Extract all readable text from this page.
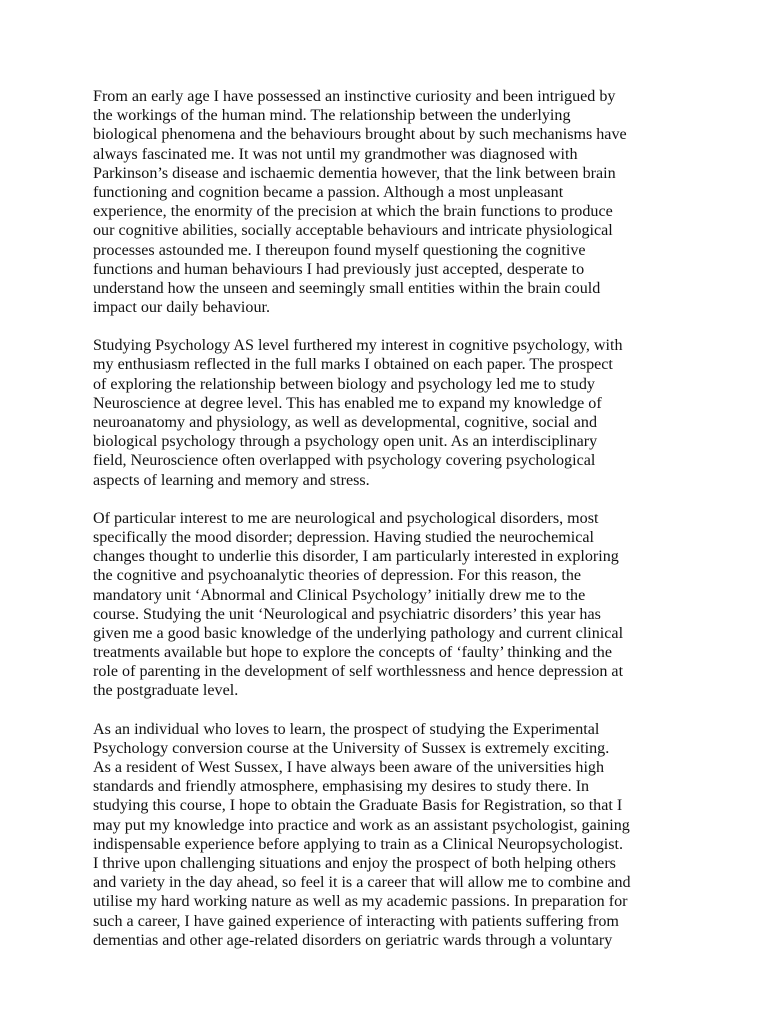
From an early age I have possessed an instinctive curiosity and been intrigued by
the workings of the human mind. The relationship between the underlying
biological phenomena and the behaviours brought about by such mechanisms have
always fascinated me. It was not until my grandmother was diagnosed with
Parkinson’s disease and ischaemic dementia however, that the link between brain
functioning and cognition became a passion. Although a most unpleasant
experience, the enormity of the precision at which the brain functions to produce
our cognitive abilities, socially acceptable behaviours and intricate physiological
processes astounded me. I thereupon found myself questioning the cognitive
functions and human behaviours I had previously just accepted, desperate to
understand how the unseen and seemingly small entities within the brain could
impact our daily behaviour.
Studying Psychology AS level furthered my interest in cognitive psychology, with
my enthusiasm reflected in the full marks I obtained on each paper. The prospect
of exploring the relationship between biology and psychology led me to study
Neuroscience at degree level. This has enabled me to expand my knowledge of
neuroanatomy and physiology, as well as developmental, cognitive, social and
biological psychology through a psychology open unit. As an interdisciplinary
field, Neuroscience often overlapped with psychology covering psychological
aspects of learning and memory and stress.
Of particular interest to me are neurological and psychological disorders, most
specifically the mood disorder; depression. Having studied the neurochemical
changes thought to underlie this disorder, I am particularly interested in exploring
the cognitive and psychoanalytic theories of depression. For this reason, the
mandatory unit ‘Abnormal and Clinical Psychology’ initially drew me to the
course. Studying the unit ‘Neurological and psychiatric disorders’ this year has
given me a good basic knowledge of the underlying pathology and current clinical
treatments available but hope to explore the concepts of ‘faulty’ thinking and the
role of parenting in the development of self worthlessness and hence depression at
the postgraduate level.
As an individual who loves to learn, the prospect of studying the Experimental
Psychology conversion course at the University of Sussex is extremely exciting.
As a resident of West Sussex, I have always been aware of the universities high
standards and friendly atmosphere, emphasising my desires to study there. In
studying this course, I hope to obtain the Graduate Basis for Registration, so that I
may put my knowledge into practice and work as an assistant psychologist, gaining
indispensable experience before applying to train as a Clinical Neuropsychologist.
I thrive upon challenging situations and enjoy the prospect of both helping others
and variety in the day ahead, so feel it is a career that will allow me to combine and
utilise my hard working nature as well as my academic passions. In preparation for
such a career, I have gained experience of interacting with patients suffering from
dementias and other age-related disorders on geriatric wards through a voluntary
